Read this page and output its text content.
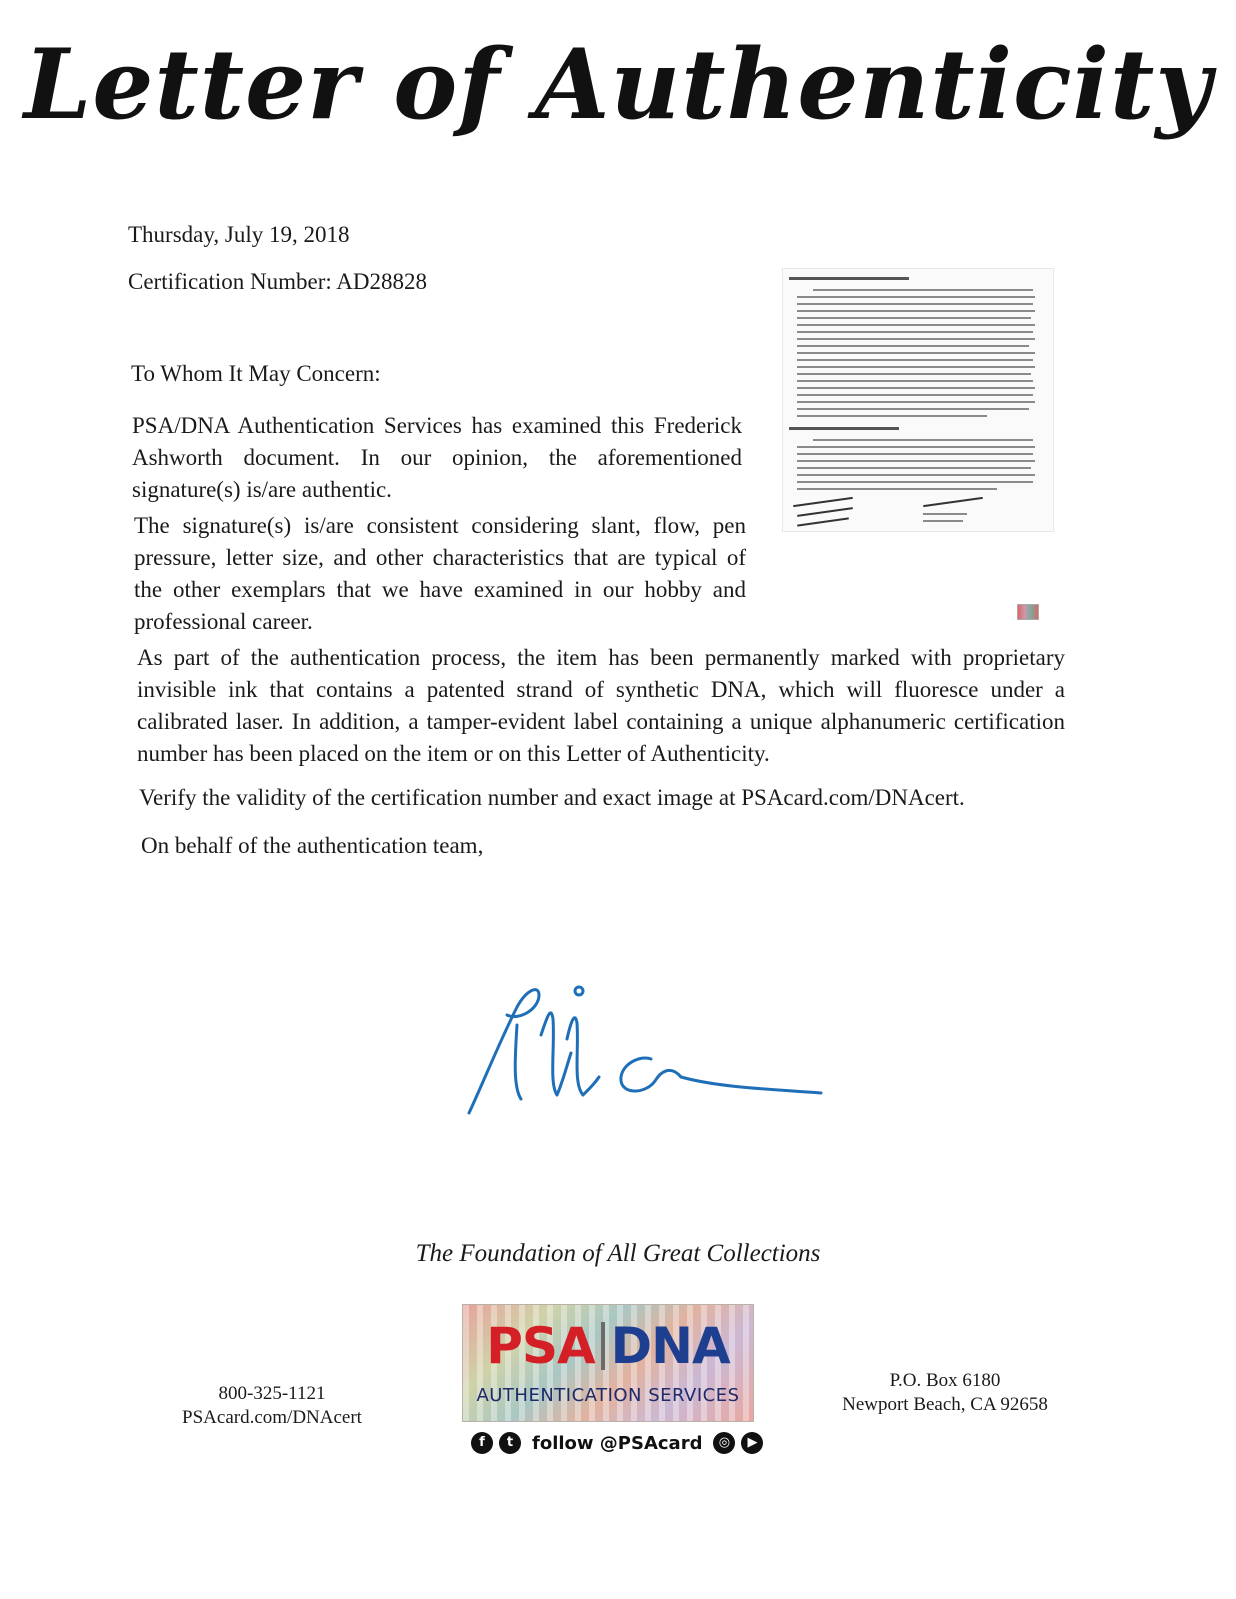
Letter of Authenticity
Thursday, July 19, 2018
Certification Number: AD28828
To Whom It May Concern:
PSA/DNA Authentication Services has examined this Frederick Ashworth document. In our opinion, the aforementioned signature(s) is/are authentic.
The signature(s) is/are consistent considering slant, flow, pen pressure, letter size, and other characteristics that are typical of the other exemplars that we have examined in our hobby and professional career.
As part of the authentication process, the item has been permanently marked with proprietary invisible ink that contains a patented strand of synthetic DNA, which will fluoresce under a calibrated laser. In addition, a tamper-evident label containing a unique alphanumeric certification number has been placed on the item or on this Letter of Authenticity.
Verify the validity of the certification number and exact image at PSAcard.com/DNAcert.
On behalf of the authentication team,
The Foundation of All Great Collections
800-325-1121
PSAcard.com/DNAcert
PSA DNA
AUTHENTICATION SERVICES
f t follow @PSAcard ◎ ▶
P.O. Box 6180
Newport Beach, CA 92658
